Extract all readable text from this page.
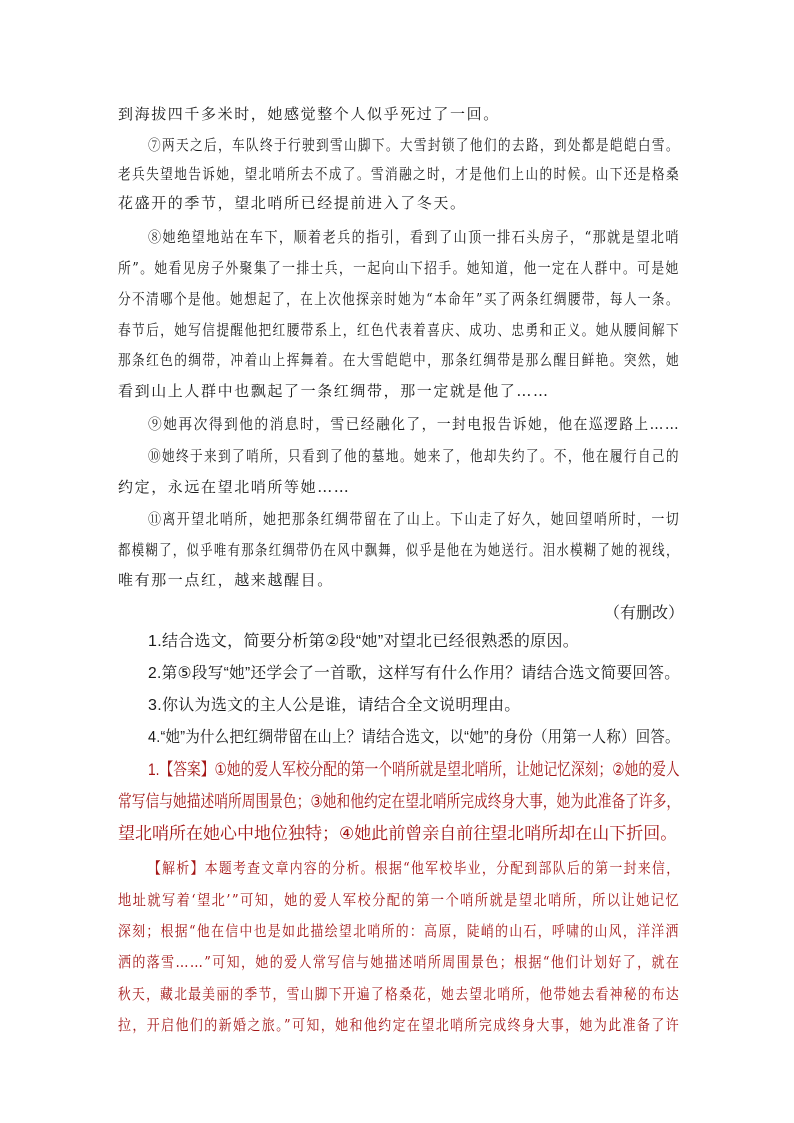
到海拔四千多米时，她感觉整个人似乎死过了一回。
⑦两天之后，车队终于行驶到雪山脚下。大雪封锁了他们的去路，到处都是皑皑白雪。
老兵失望地告诉她，望北哨所去不成了。雪消融之时，才是他们上山的时候。山下还是格桑
花盛开的季节，望北哨所已经提前进入了冬天。
⑧她绝望地站在车下，顺着老兵的指引，看到了山顶一排石头房子，“那就是望北哨
所”。她看见房子外聚集了一排士兵，一起向山下招手。她知道，他一定在人群中。可是她
分不清哪个是他。她想起了，在上次他探亲时她为“本命年”买了两条红绸腰带，每人一条。
春节后，她写信提醒他把红腰带系上，红色代表着喜庆、成功、忠勇和正义。她从腰间解下
那条红色的绸带，冲着山上挥舞着。在大雪皑皑中，那条红绸带是那么醒目鲜艳。突然，她
看到山上人群中也飘起了一条红绸带，那一定就是他了……
⑨她再次得到他的消息时，雪已经融化了，一封电报告诉她，他在巡逻路上……
⑩她终于来到了哨所，只看到了他的墓地。她来了，他却失约了。不，他在履行自己的
约定，永远在望北哨所等她……
⑪离开望北哨所，她把那条红绸带留在了山上。下山走了好久，她回望哨所时，一切
都模糊了，似乎唯有那条红绸带仍在风中飘舞，似乎是他在为她送行。泪水模糊了她的视线，
唯有那一点红，越来越醒目。
（有删改）
1.结合选文，简要分析第②段“她”对望北已经很熟悉的原因。
2.第⑤段写“她”还学会了一首歌，这样写有什么作用？请结合选文简要回答。
3.你认为选文的主人公是谁，请结合全文说明理由。
4.“她”为什么把红绸带留在山上？请结合选文，以“她”的身份（用第一人称）回答。
1.【答案】①她的爱人军校分配的第一个哨所就是望北哨所，让她记忆深刻；②她的爱人
常写信与她描述哨所周围景色；③她和他约定在望北哨所完成终身大事，她为此准备了许多，
望北哨所在她心中地位独特；④她此前曾亲自前往望北哨所却在山下折回。
【解析】本题考查文章内容的分析。根据“他军校毕业，分配到部队后的第一封来信，
地址就写着‘望北’”可知，她的爱人军校分配的第一个哨所就是望北哨所，所以让她记忆
深刻；根据“他在信中也是如此描绘望北哨所的：高原，陡峭的山石，呼啸的山风，洋洋洒
洒的落雪……”可知，她的爱人常写信与她描述哨所周围景色；根据“他们计划好了，就在
秋天，藏北最美丽的季节，雪山脚下开遍了格桑花，她去望北哨所，他带她去看神秘的布达
拉，开启他们的新婚之旅。”可知，她和他约定在望北哨所完成终身大事，她为此准备了许
